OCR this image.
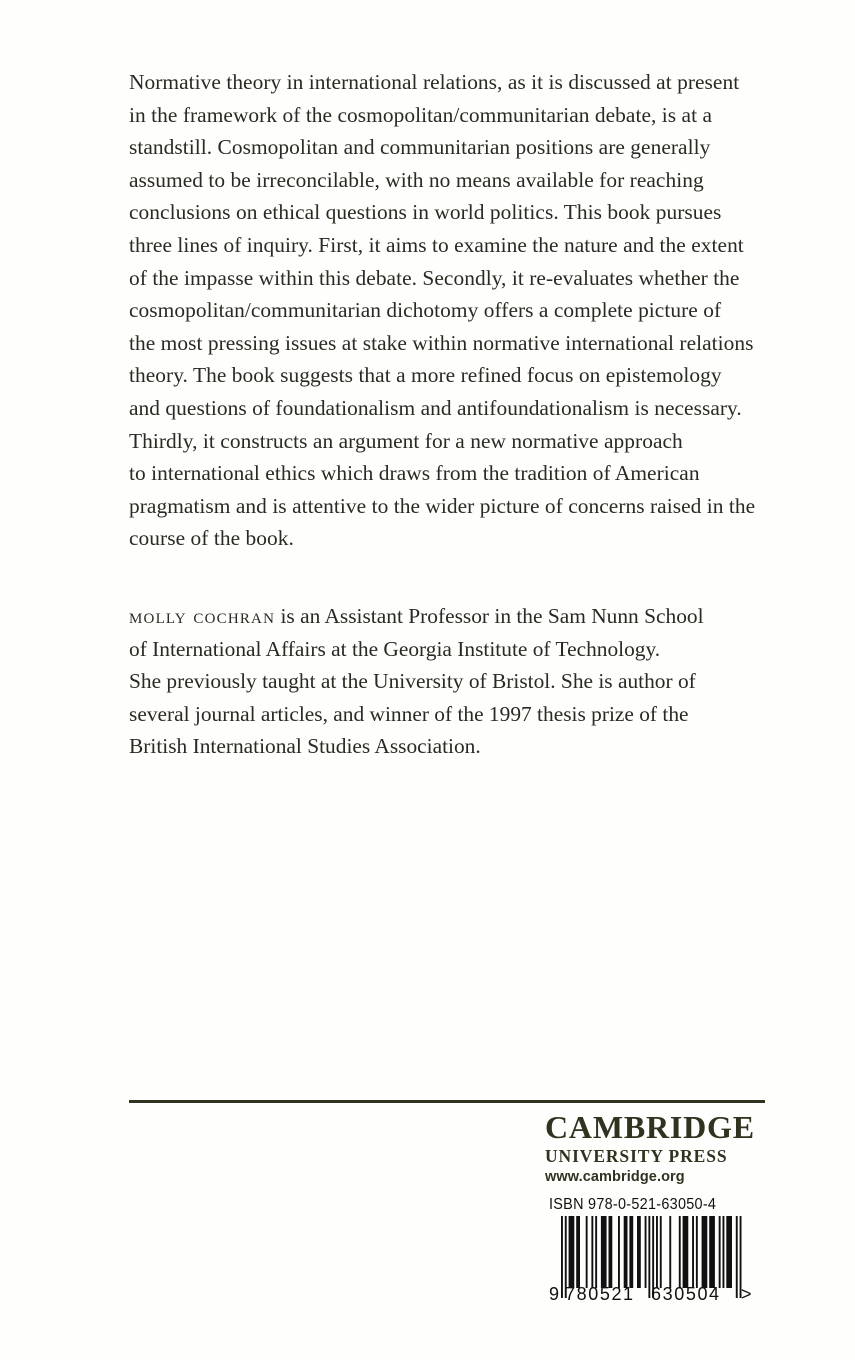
Normative theory in international relations, as it is discussed at present
in the framework of the cosmopolitan/communitarian debate, is at a
standstill. Cosmopolitan and communitarian positions are generally
assumed to be irreconcilable, with no means available for reaching
conclusions on ethical questions in world politics. This book pursues
three lines of inquiry. First, it aims to examine the nature and the extent
of the impasse within this debate. Secondly, it re-evaluates whether the
cosmopolitan/communitarian dichotomy offers a complete picture of
the most pressing issues at stake within normative international relations
theory. The book suggests that a more refined focus on epistemology
and questions of foundationalism and antifoundationalism is necessary.
Thirdly, it constructs an argument for a new normative approach
to international ethics which draws from the tradition of American
pragmatism and is attentive to the wider picture of concerns raised in the
course of the book.
molly cochran is an Assistant Professor in the Sam Nunn School
of International Affairs at the Georgia Institute of Technology.
She previously taught at the University of Bristol. She is author of
several journal articles, and winner of the 1997 thesis prize of the
British International Studies Association.
CAMBRIDGE
UNIVERSITY PRESS
www.cambridge.org
ISBN 978-0-521-63050-4
9 780521 630504 >
